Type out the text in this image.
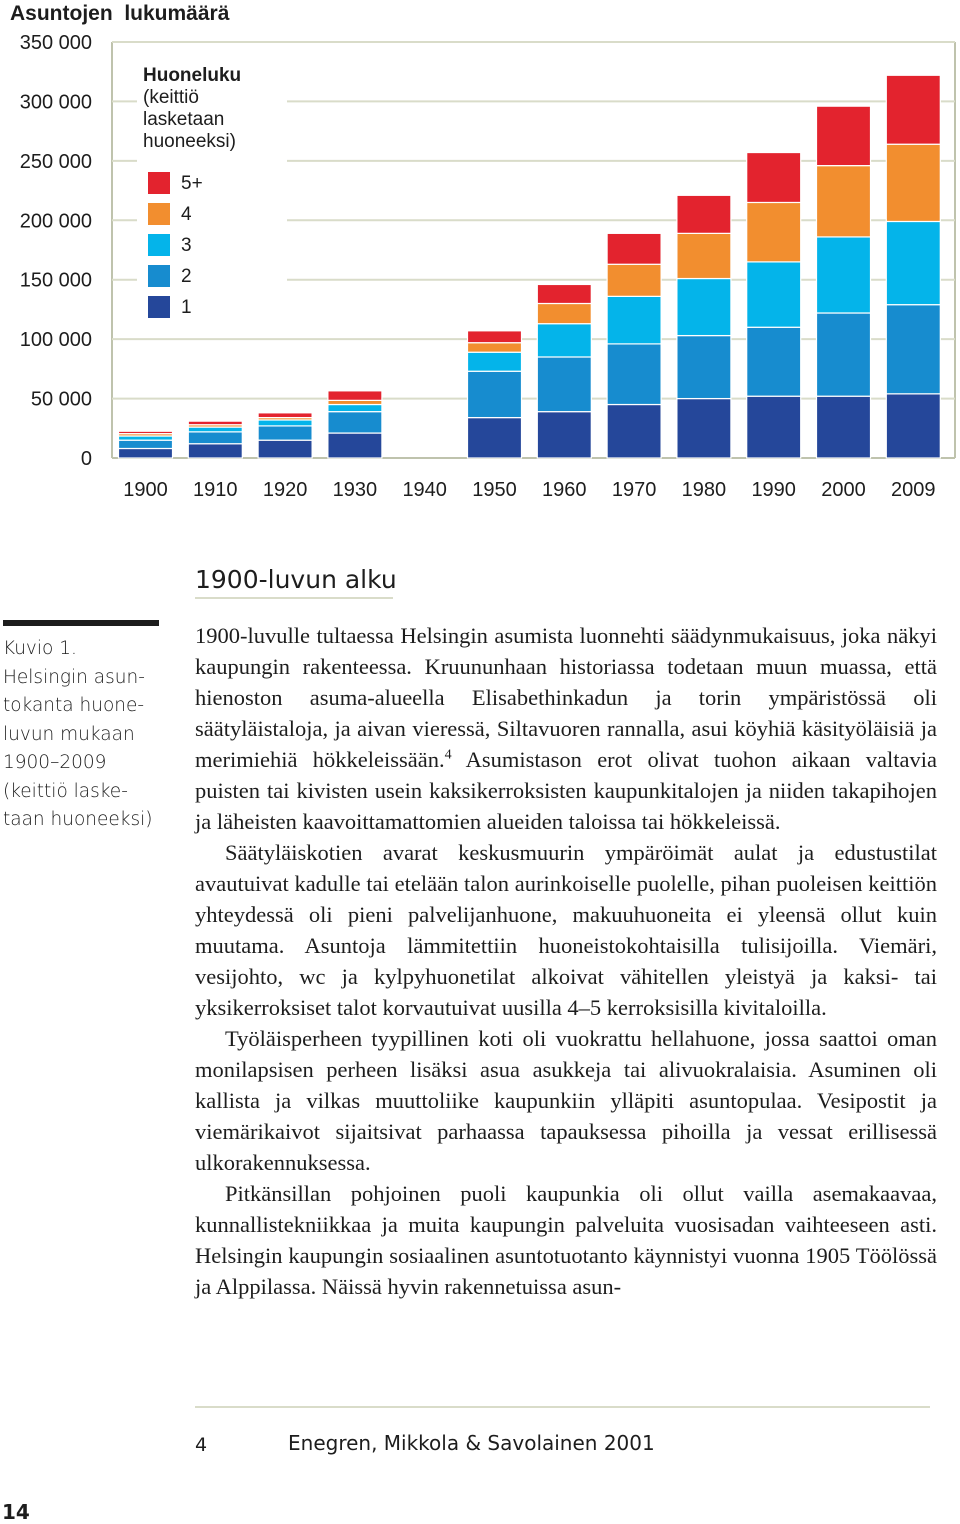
350 000
300 000
250 000
200 000
150 000
100 000
50 000
0
1900 1910 1920 1930 1940 1950 1960 1970 1980 1990 2000 2009
Asuntojen  lukumäärä
Huoneluku
(keittiö lasketaan huoneeksi)
5+
4
3
2
1
1900-luvun alku
Kuvio 1. Helsingin asun-tokanta huone-luvun mukaan 1900–2009 (keittiö laske-taan huoneeksi)

1900-luvulle tultaessa Helsingin asumista luonnehti säädynmukaisuus, joka näkyi kaupungin rakenteessa. Kruununhaan historiassa todetaan muun muassa, että hienoston asuma-alueella Elisabethinkadun ja torin ympäristössä oli säätyläistaloja, ja aivan vieressä, Siltavuoren rannalla, asui köyhiä käsityöläisiä ja merimiehiä hökkeleissään.$^4$ Asumistason erot olivat tuohon aikaan valtavia puisten tai kivisten usein kaksikerroksisten kaupunkitalojen ja niiden takapihojen ja läheisten kaavoittamattomien alueiden taloissa tai hökkeleissä.

Säätyläiskotien avarat keskusmuurin ympäröimät aulat ja edustustilat avautuivat kadulle tai etelään talon aurinkoiselle puolelle, pihan puoleisen keittiön yhteydessä oli pieni palvelijanhuone, makuuhuoneita ei yleensä ollut kuin muutama. Asuntoja lämmitettiin huoneistokohtaisilla tulisijoilla. Viemäri, vesijohto, wc ja kylpyhuonetilat alkoivat vähitellen yleistyä ja kaksi- tai yksikerroksiset talot korvautuivat uusilla 4–5 kerroksisilla kivitaloilla.

Työläisperheen tyypillinen koti oli vuokrattu hellahuone, jossa saattoi oman monilapsisen perheen lisäksi asua asukkeja tai alivuokralaisia. Asuminen oli kallista ja vilkas muuttoliike kaupunkiin ylläpiti asuntopulaa. Vesipostit ja viemärikaivot sijaitsivat parhaassa tapauksessa pihoilla ja vessat erillisessä ulkorakennuksessa.

Pitkänsillan pohjoinen puoli kaupunkia oli ollut vailla asemakaavaa, kunnallistekniikkaa ja muita kaupungin palveluita vuosisadan vaihteeseen asti. Helsingin kaupungin sosiaalinen asuntotuotanto käynnistyi vuonna 1905 Töölössä ja Alppilassa. Näissä hyvin rakennetuissa asun-

4	Enegren, Mikkola & Savolainen 2001
14
